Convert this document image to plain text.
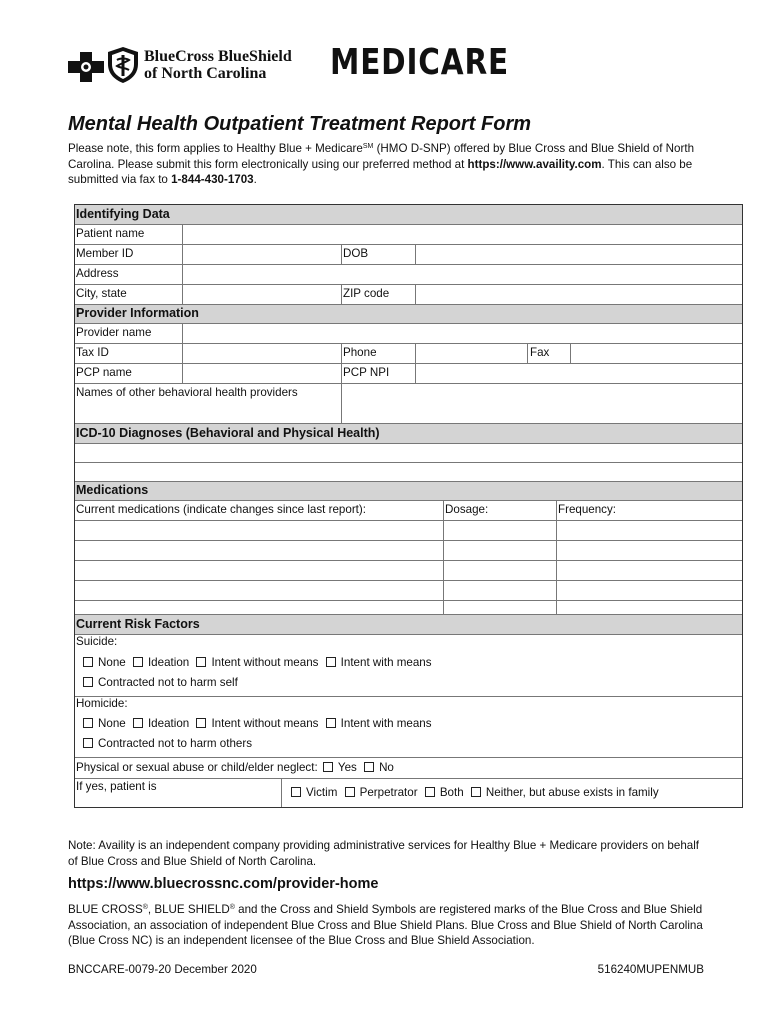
BlueCross BlueShield
of North Carolina MEDICARE
Mental Health Outpatient Treatment Report Form
Please note, this form applies to Healthy Blue + Medicare℠ (HMO D-SNP) offered by Blue Cross and Blue Shield of North Carolina. Please submit this form electronically using our preferred method at https://www.availity.com. This can also be submitted via fax to 1-844-430-1703.
Identifying Data
Patient name
Member ID	DOB
Address
City, state	ZIP code
Provider Information
Provider name
Tax ID	Phone	Fax
PCP name	PCP NPI
Names of other behavioral health providers
ICD-10 Diagnoses (Behavioral and Physical Health)
Medications
Current medications (indicate changes since last report):	Dosage:	Frequency:
Current Risk Factors
Suicide:
None Ideation Intent without means Intent with means
Contracted not to harm self
Homicide:
None Ideation Intent without means Intent with means
Contracted not to harm others
Physical or sexual abuse or child/elder neglect: Yes No
If yes, patient is	Victim Perpetrator Both Neither, but abuse exists in family
Note: Availity is an independent company providing administrative services for Healthy Blue + Medicare providers on behalf of Blue Cross and Blue Shield of North Carolina.
https://www.bluecrossnc.com/provider-home
BLUE CROSS®, BLUE SHIELD® and the Cross and Shield Symbols are registered marks of the Blue Cross and Blue Shield Association, an association of independent Blue Cross and Blue Shield Plans. Blue Cross and Blue Shield of North Carolina (Blue Cross NC) is an independent licensee of the Blue Cross and Blue Shield Association.
BNCCARE-0079-20 December 2020	516240MUPENMUB
